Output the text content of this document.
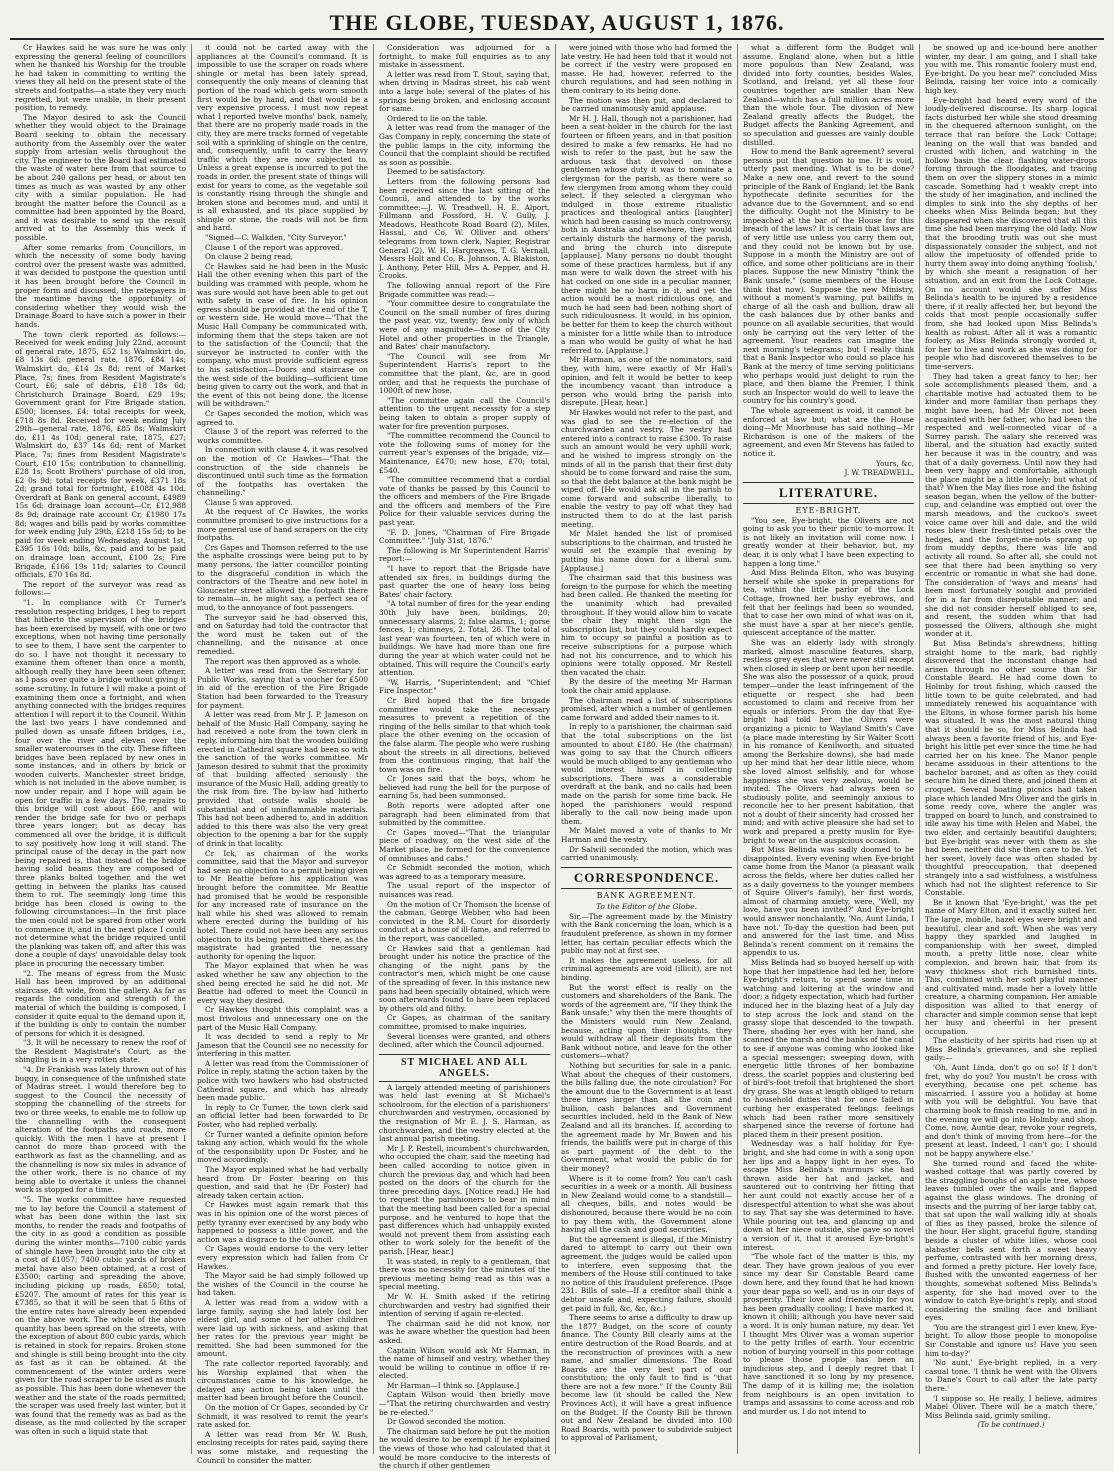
THE GLOBE, TUESDAY, AUGUST 1, 1876.

Cr Hawkes said he was sure he was only expressing the general feeling of councillors when he thanked his Worship for the trouble he had taken in committing to writing the views they all held on the present state of the streets and footpaths—a state they very much regretted, but were unable, in their present position, to remedy.

The Mayor desired to ask the Council whether they would object to the Drainage Board seeking to obtain the necessary authority from the Assembly over the water supply from artesian wells throughout the city. The engineer to the Board had estimated the waste of water here from that source to be about 240 gallons per head, or about ten times as much as was wasted by any other city with a similar population. He had brought the matter before the Council as a committee had been appointed by the Board, and it was desirable to send up the result arrived at to the Assembly this week if possible.

After some remarks from Councillors, in which the necessity of some body having control over the present waste was admitted, it was decided to postpone the question until it has been brought before the Council in proper form and discussed, the ratepayers in the meantime having the opportunity of considering whether they would wish the Drainage Board to have such a power in their hands.

The town clerk reported as follows:—Received for week ending July 22nd, account of general rate, 1875, £52 1s; Walmskirt do, £8 13s 6d; general rate, 1876, £84 14s; Walmskirt do, £14 2s 8d; rent of Market Place, 7s; fines from Resident Magistrate's Court, £6; sale of débris, £18 18s 6d; Christchurch Drainage Board, £29 19s; Government grant for Fire Brigade station, £500; licenses, £4; total receipts for week, £718 8s 8d. Received for week ending July 29th—general rate, 1876, £85 8s; Walmskirt do, £11 4s 10d; general rate, 1875, £27; Walmskirt do, £37 14s 6d; rent of Market Place, 7s; fines from Resident Magistrate's Court, £10 15s; contribution to channelling, £28 1s; Scott Brothers' purchase of old iron, £2 0s 9d; total receipts for week, £371 18s 2d; grand total for fortnight, £1088 4s 10d. Overdraft at Bank on general account, £4989 15s 6d; drainage loan account—Cr, £12,988 8s 9d; drainage rate account Cr, £1980 17s 8d; wages and bills paid by works committee for week ending July 29th, £218 15s 5d; to be paid for week ending Wednesday, August 1st, £395 16s 10d; bills, &c, paid and to be paid on drainage loan account, £100 2s; Fire Brigade, £166 19s 11d; salaries to Council officials, £70 16s 8d.

The report of the surveyor was read as follows:—

"1. In compliance with Cr Turner's resolution respecting bridges, I beg to report that hitherto the supervision of the bridges has been exercised by myself, with one or two exceptions, when not having time personally to see to them, I have sent the carpenter to do so. I have not thought it necessary to examine them oftener than once a month, although really they have been seen oftener, as I pass over quite a bridge without giving it some scrutiny. In future I will make a point of examining them once a fortnight, and when anything connected with the bridges requires attention I will report it to the Council. Within the last two years I have condemned and pulled down as unsafe fifteen bridges, i.e., four over the river and eleven over the smaller watercourses in the city. These fifteen bridges have been replaced by new ones in some instances, and in others by brick or wooden culverts. Manchester street bridge, which is not included in the above number, is now under repair, and I hope will again be open for traffic in a few days. The repairs to this bridge will cost about £60, and will render the bridge safe for two or perhaps three years longer; but as decay has commenced all over the bridge, it is difficult to say positively how long it will stand. The principal cause of the decay in the part now being repaired is, that instead of the bridge having solid beams they are composed of three planks bolted together, and the wet getting in between the planks has caused them to rot. The seemingly long time this bridge has been closed is owing to the following circumstances:—In the first place the men could not be spared from other work to commence it, and in the next place I could not determine what the bridge required until the planking was taken off, and after this was done a couple of days' unavoidable delay took place in procuring the necessary timber.

"2. The means of egress from the Music Hall has been improved by an additional staircase, 4ft wide, from the gallery. As far as regards the condition and strength of the material of which the building is composed, I consider it quite equal to the demand upon it, if the building is only to contain the number of persons for which it is designed.

"3. It will be necessary to renew the roof of the Resident Magistrate's Court, as the shingling is in a very rotten state.

"4. Dr Frankish was lately thrown out of his buggy, in consequence of the unfinished state of Madras street. I would therefore beg to suggest to the Council the necessity of stopping the channelling of the streets for two or three weeks, to enable me to follow up the channelling with the consequent alteration of the footpaths and roads, more quickly. With the men I have at present I cannot do more than proceed with the earthwork as fast as the channelling, and as the channelling is now six miles in advance of the other work, there is no chance of my being able to overtake it unless the channel work is stopped for a time.

"5. The works committee have requested me to lay before the Council a statement of what has been done within the last six months, to render the roads and footpaths of the city in as good a condition as possible during the winter months—7100 cubic yards of shingle have been brought into the city at a cost of £1057; 7400 cubic yards of broken metal have also been obtained, at a cost of £3500; carting and spreading the above, including picking up roads, £650; total, £5207. The amount of rates for this year is £7385, so that it will be seen that 5 6ths of the entire rates have already been expended on the above work. The whole of the above quantity has been spread on the streets, with the exception of about 800 cubic yards, which is retained in stock for repairs. Broken stone and shingle is still being brought into the city as fast as it can be obtained. At the commencement of the winter orders were given for the road scraper to be used as much as possible. This has been done whenever the weather and the state of the roads permitted; the scraper was used freely last winter, but it was found that the remedy was as bad as the disease, as the mud collected by the scraper was often in such a liquid state that

it could not be carted away with the appliances at the Council's command. It is impossible to use the scraper on roads where shingle or metal has been lately spread, consequently the only means of cleaning that portion of the road which gets worn smooth first would be by hand, and that would be a very expensive process. I must now repeat what I reported twelve months' back, namely, that there are no properly made roads in the city, they are mere tracks formed of vegetable soil with a sprinkling of shingle on the centre, and, consequently, unfit to carry the heavy traffic which they are now subjected to. Unless a great expense is incurred to put the roads in order, the present state of things will exist for years to come, as the vegetable soil is constantly rising through the shingle and broken stone and becomes mud, and until it is all exhausted, and its place supplied by shingle or stone, the roads will not be firm and hard.

"Signed—C. Walkden, "City Surveyor."

Clause 1 of the report was approved.

On clause 2 being read,

Cr Hawkes said he had been in the Music Hall the other evening when this part of the building was crammed with people, whom he was sure would not have been able to get out with safety in case of fire. In his opinion egress should be provided at the end of the T, or western side. He would move—"That the Music Hall Company be communicated with, informing them that the steps taken are not to the satisfaction of the Council; that the surveyor be instructed to confer with the company, who must provide sufficient egress to his satisfaction—Doors and staircase on the west side of the building—sufficient time being given to carry out the work, and that in the event of this not being done, the license will be withdrawn."

Cr Gapes seconded the motion, which was agreed to.

Clause 3 of the report was referred to the works committee.

In connection with clause 4, it was resolved on the motion of Cr Hawkes—"That the construction of the side channels be discontinued until such time as the formation of the footpaths has overtaken the channelling."

Clause 5 was approved.

At the request of Cr Hawkes, the works committee promised to give instructions for a more general use of hand scrapers on the city footpaths.

Crs Gapes and Thomson referred to the use the asphalte crossings were being put to by many persons, the latter councillor pointing to the disgraceful condition in which the contractors of the Theatre and new hotel in Gloucester street allowed the footpath there to remain—in, he might say, a perfect sea of mud, to the annoyance of foot passengers.

The surveyor said he had observed this, and on Saturday had told the contractor that the word must be taken out of the channelling, and the nuisance at once remedied.

The report was then approved as a whole.

A letter was read from the Secretary for Public Works, saying that a voucher for £500 in aid of the erection of the Fire Brigade Station had been forwarded to the Treasury for payment.

A letter was read from Mr J. P. Jameson on behalf of the Music Hall Company, saying he had received a note from the town clerk in reply, informing him that the wooden building erected in Cathedral square had been so with the sanction of the works committee. Mr Jameson desired to submit that the proximity of that building affected seriously the insurance of the Music Hall, adding greatly to the risk from fire. The by-law had hitherto provided that outside walls should be substantial and of uninflammable materials. This had not been adhered to, and in addition added to this there was also the very great objection to the opening a bar for the supply of drink in that locality.

Cr Ick, as chairman of the works committee, said that the Mayor and surveyor had seen no objection to a permit being given to Mr Beattie before his application was brought before the committee. Mr Beattie had promised that he would be responsible for any increased rate of insurance on the hall while his shed was allowed to remain where erected during the building of his hotel. There could not have been any serious objection to its being permitted there, as the magistrate had granted the necessary authority for opening the liquor.

The Mayor explained that when he was asked whether he saw any objection to the shed being erected he said he did not. Mr Beattie had offered to meet the Council in every way they desired.

Cr Hawkes thought this complaint was a most frivolous and unnecessary one on the part of the Music Hall Company.

It was decided to send a reply to Mr Jameson that the Council see no necessity for interfering in this matter.

A letter was read from the Commissioner of Police in reply, stating the action taken by the police with two hawkers who had obstructed Cathedral square, and which has already been made public.

In reply to Cr Turner, the town clerk said an official letter had been forwarded to Dr Foster, who had replied verbally.

Cr Turner wanted a definite opinion before taking any action, which would fix the whole of the responsibility upon Dr Foster, and he moved accordingly.

The Mayor explained what he had verbally heard from Dr Foster bearing on this question, and said that he (Dr Foster) had already taken certain action.

Cr Hawkes must again remark that this was in his opinion one of the worst pieces of petty tyranny ever exercised by any body who happened to possess a little power, and the action was a disgrace to the Council.

Cr Gapes would endorse to the very letter every expression which had fallen from Cr Hawkes.

The Mayor said he had simply followed up the wishes of the Council in the course he had taken.

A letter was read from a widow with a large family, saying she had lately lost her eldest girl, and some of her other children were laid up with sickness, and asking that her rates for the previous year might be remitted. She had been summoned for the amount.

The rate collector reported favorably, and his Worship explained that when the circumstances came to his knowledge, he delayed any action being taken until the matter had been brought before the Council.

On the motion of Cr Gapes, seconded by Cr Schmidt, it was resolved to remit the year's rate asked for.

A letter was read from Mr W. Bush, enclosing receipts for rates paid, saying there was some mistake, and requesting the Council to consider the matter.

Consideration was adjourned for a fortnight, to make full enquiries as to any mistake in assessment.

A letter was read from T. Stout, saying that, when driving in Madras street, his cab went into a large hole; several of the plates of his springs being broken, and enclosing account for same.

Ordered to lie on the table.

A letter was read from the manager of the Gas Company in reply, concerning the state of the public lamps in the city, informing the Council that the complaint should be rectified as soon as possible.

Deemed to be satisfactory.

Letters from the following persons had been received since the last sitting of the Council, and attended to by the works committee:—J. W. Treadwell, H. E. Alport, Fillmann and Fossford, H. V. Gully, J. Meadows, Heathcote Road Board (2), Miles, Hassal, and Co, W. Olliver and others' telegrams from town clerk, Napier, Registrar General (2), W. H. Hargreaves, T. G. Vernall, Messrs Holt and Co, R. Johnson, A. Blakiston, J. Anthony, Peter Hill, Mrs A. Pepper, and H. Crooks.

The following annual report of the Fire Brigade committee was read:—

"Your committee desire to congratulate the Council on the small number of fires during the past year, viz, twenty; few only of which were of any magnitude—those of the City Hotel and other properties in the Triangle, and Bates' chair manufactory.

"The Council will see from Mr Superintendent Harris's report to the committee that the plant, &c, are in good order, and that he requests the purchase of 1000ft of new hose.

"The committee again call the Council's attention to the urgent necessity for a step being taken to obtain a proper supply of water for fire prevention purposes.

"The committee recommend the Council to vote the following sums of money for the current year's expenses of the brigade, viz—Maintenance, £470; new hose, £70; total, £540.

"The committee recommend that a cordial vote of thanks be passed by this Council to the officers and members of the Fire Brigade and the officers and members of the Fire Police for their valuable services during the past year.

"F. D. Jones, "Chairman of Fire Brigade Committee." "July 31st, 1876."

The following is Mr Superintendent Harris' report:—

"I have to report that the Brigade have attended six fires, in buildings during the past quarter the one of heavy loss being Bates' chair factory.

"A total number of fires for the year ending 30th July have been, buildings, 20; unnecessary alarms, 2; false alarms, 1; gorse fences, 1; chimneys, 2. Total, 26. The total of last year was fourteen, ten of which were in buildings. We have had more than one fire during the year at which water could not be obtained. This will require the Council's early attention.

"W. Harris, "Superintendent; and "Chief Fire Inspector."

Cr Bird hoped that the fire brigade committee would take the necessary measures to prevent a repetition of the ringing of the bells similar to that which took place the other evening on the occasion of the false alarm. The people who were rushing about the streets in all directions, believed from the continuous ringing, that half the town was on fire.

Cr Jones said that the boys, whom he believed had rung the bell for the purpose of earning 5s, had been summonsed.

Both reports were adopted after one paragraph had been eliminated from that submitted by the committee.

Cr Gapes moved—"That the triangular piece of roadway, on the west side of the Market place, be formed for the convenience of omnibuses and cabs."

Cr Schmidt seconded the motion, which was agreed to as a temporary measure.

The usual report of the inspector of nuisances was read.

On the motion of Cr Thomson the license of the cabman, George Webber, who had been convicted in the R.M. Court for disorderly conduct at a house of ill-fame, and referred to in the report, was cancelled.

Cr Hawkes said that a gentleman had brought under his notice the practice of the changing of the night pans by the contractor's men, which might be one cause of the spreading of fever. In this instance new pans had been specially obtained, which were soon afterwards found to have been replaced by others old and filthy.

Cr Gapes, as chairman of the sanitary committee, promised to make inquiries.

Several licenses were granted, and others declined, after which the Council adjourned.

ST MICHAEL AND ALL ANGELS.

A largely attended meeting of parishioners was held last evening at St Michael's schoolroom, for the election of a parishioners' churchwarden and vestrymen, occasioned by the resignation of Mr E. J. S. Harman, as churchwarden, and the vestry elected at the last annual parish meeting.

Mr J. P. Restell, incumbent's churchwarden, who occupied the chair, said the meeting had been called according to notice given in church the previous day, and which had been posted on the doors of the church for the three preceding days. [Notice read.] He had to request the parishioners to bear in mind that the meeting had been called for a special purpose, and he ventured to hope that the past differences which had unhappily existed would not prevent them from assisting each other to work solely for the benefit of the parish. [Hear, hear.]

It was stated, in reply to a gentleman, that there was no necessity for the minutes of the previous meeting being read as this was a special meeting.

Mr W. H. Smith asked if the retiring churchwarden and vestry had signified their intention of serving if again re-elected.

The chairman said he did not know, nor was he aware whether the question had been asked.

Captain Wilson would ask Mr Harman, in the name of himself and vestry, whether they would be willing to continue in office if re-elected.

Mr Harman—I think so. [Applause.]

Captain Wilson would then briefly move—"That the retiring churchwarden and vestry be re-elected."

Dr Gowod seconded the motion.

The chairman said before he put the motion he would desire to be exempt if he explained the views of those who had calculated that it would be more conducive to the interests of the church if other gentlemen

were joined with those who had formed the late vestry. He had been told that it would not be correct if the vestry were proposed en masse. He had, however, referred to the church regulations, and had seen nothing in them contrary to its being done.

The motion was then put, and declared to be carried unanimously amid applause.

Mr H. J. Hall, though not a parishioner, had been a seat-holder in the church for the last fourteen or fifteen years, and in that position desired to make a few remarks. He had no wish to refer to the past, but he saw the arduous task that devolved on those gentlemen whose duty it was to nominate a clergyman for the parish, as there were so few clergymen from among whom they could select. If they selected a clergyman who indulged in those extreme ritualistic practices and theological antics [laughter] which had been causing so much controversy, both in Australia and elsewhere, they would certainly disturb the harmony of the parish, and bring the church into disrepute [applause]. Many persons no doubt thought some of these practices harmless, but if any man were to walk down the street with his hat cocked on one side in a peculiar manner, there might be no harm in it, and yet the action would be a most ridiculous one, and much he had seen had been nothing short of such ridiculousness. It would, in his opinion, be better for them to keep the church without a minister for a little while than to introduce a man who would be guilty of what he had referred to. [Applause.]

Mr Harman, as one of the nominators, said they, with him, were exactly of Mr Hall's opinion, and felt it would be better to keep the incumbency vacant than introduce a person who would bring the parish into disrepute. [Hear, hear.]

Mr Hawkes would not refer to the past, and was glad to see the re-election of the churchwarden and vestry. The vestry had entered into a contract to raise £300. To raise such an amount would be very uphill work, and he wished to impress strongly on the minds of all in the parish that their first duty should be to come forward and raise the sum, so that the debt balance at the bank might be wiped off. [He would ask all in the parish to come forward and subscribe liberally, to enable the vestry to pay off what they had instructed them to do at the last parish meeting.

Mr Malet handed the list of promised subscriptions to the chairman, and trusted he would set the example that evening by putting his name down for a liberal sum. [Applause.]

The chairman said that this business was foreign to the purpose for which the meeting had been called. He thanked the meeting for the unanimity which had prevailed throughout. If they would allow him to vacate the chair they might then sign the subscription list, but they could hardly expect him to occupy so painful a position as to receive subscriptions for a purpose which had not his concurrence, and to which his opinions were totally opposed. Mr Restell then vacated the chair.

By the desire of the meeting Mr Harman took the chair amid applause.

The chairman read a list of subscriptions promised, after which a number of gentlemen came forward and added their names to it.

In reply to a parishioner, the chairman said that the total subscriptions on the list amounted to about £180. He (the chairman) was going to say that the Church officers would be much obliged to any gentleman who would interest himself in collecting subscriptions. There was a considerable overdraft at the bank, and no calls had been made on the parish for some time back. He hoped the parishioners would respond liberally to the call now being made upon them.

Mr Malet moved a vote of thanks to Mr Harman and the vestry.

Dr Salwill seconded the motion, which was carried unanimously.

CORRESPONDENCE.
BANK AGREEMENT.
To the Editor of the Globe.

Sir,—The agreement made by the Ministry with the Bank concerning the loan, which is a fraudulent preference, as shown in my former letter, has certain peculiar effects which the public may not at first see.

It makes the agreement useless, for all criminal agreements are void (illicit), are not binding.

But the worst effect is really on the customers and shareholders of the Bank. The words of the agreement are, "If they think the Bank unsafe;" why then the mere thoughts of the Ministers would ruin New Zealand, because, acting upon their thoughts, they would withdraw all their deposits from the Bank without notice, and leave for the other customers—what?

Nothing but securities for sale in a panic. What about the cheques of their customers, the bills falling due, the note circulation? For the amount due to the Government is at least three times larger than all the coin and bullion, cash balances and Government securities included, held in the Bank of New Zealand and all its branches. If, according to the agreement made by Mr Bowen and his friends, the bailiffs were put in charge of this as part payment of the debt to the Government, what would the public do for their money?

Where is it to come from? You can't cash securities in a week or a month. All business in New Zealand would come to a standstill—all cheques, bills, and notes would be dishonoured, because there would be no coin to pay them with, the Government alone having all the cash and good securities.

But the agreement is illegal, if the Ministry dared to attempt to carry out their own agreement, the judges would be called upon to interfere, even supposing that the members of the House still continued to take no notice of this fraudulent preference. (Page 231. Bills of sale—If a creditor shall think a debtor unsafe and, expecting failure, should get paid in full, &c, &c, &c.)

There seems to arise a difficulty to draw up the 1877 Budget, on the score of county finance. The County Bill clearly aims at the entire destruction of the Road Boards, and at the reconstruction of provinces with a new name, and smaller dimensions. The Road Boards are the very best part of our constitution; the only fault to find is "that there are not a few more." If the County Bill become law (it should be called the New Provinces Act), it will have a great influence on the Budget. If the County Bill be thrown out and New Zealand be divided into 100 Road Boards, with power to subdivide subject to approval of Parliament,

what a different form the Budget will assume. England alone, when but a little more populous than New Zealand, was divided into forty counties, besides Wales, Scotland, and Ireland, yet all these four countries together are smaller than New Zealand—which has a full million acres more than the whole four. The division of New Zealand greatly affects the Budget, the Budget affects the Banking Agreement, and so speculation and guesses are vainly double distilled.

How to mend the Bank agreement? several persons put that question to me. It is void, utterly past mending. What is to be done? Make a new one, and revert to the sound principle of the Bank of England; let the Bank hypothecate definite securities for the advance due to the Government, and so end the difficulty. Ought not the Ministry to be impeached at the bar of the House for this breach of the laws? It is certain that laws are of very little use unless you carry them out, and they could not be known but by use. Suppose in a month the Ministry are out of office, and some other politicians are in their places. Suppose the new Ministry "think the Bank unsafe," (some members of the House think that now). Suppose the new Ministry, without a moment's warning, put bailiffs in charge of all the cash and bullion, draw all the cash balances due by other banks and pounce on all available securities, that would only be carrying out the very letter of the agreement. Your readers can imagine the next morning's telegrams; but I really think that a Bank Inspector who could so place his Bank at the mercy of time serving politicians who perhaps would just delight to ruin the place, and then blame the Premier, I think such an Inspector would do well to leave the country for his country's good.

The whole agreement is void, it cannot be enforced at law but; what are the House doing—Mr Moorhouse has said nothing—Mr Richardson is one of the makers of the agreement, and even Mr Stevens has failed to notice it.

Yours, &c,

J. W. TREADWELL.

LITERATURE.
EYE-BRIGHT.

"You see, Eye-bright, the Olivers are not going to ask you to their picnic to-morrow. It is not likely an invitation will come now. I greatly wonder at their behavior, but, my dear, it is only what I have been expecting to happen a long time."

And Miss Belinda Elton, who was busying herself while she spoke in preparations for tea, within the little parlor of the Lock Cottage, frowned her bushy eyebrows, and felt that her feelings had been so wounded, that to case her own mind of what was on it, she must have a spar at her niece's gentle, quiescent acceptance of the matter.

She was an elderly lady with strongly marked, almost masculine features, sharp, restless grey eyes that were never still except when closed in sleep or bent upon her needle. She was also the possessor of a quick, proud temper—under the least infringement of the etiquette or respect she had been accustomed to claim and receive from her equals or inferiors. From the day that Eye-bright had told her the Olivers were organizing a picnic to Wayland Smith's Cave (a place made interesting by Sir Walter Scott in his romance of Kenilworth, and situated among the Berkshire downs), she had made up her mind that her dear little niece, whom she loved almost selfishly, and for whose happiness she was very zealous, would be invited. The Olivers had always been so studiously polite, and seemingly anxious to reconcile her to her present habitation, that not a doubt of their sincerity had crossed her mind; and with active pleasure she had set to work and prepared a pretty muslin for Eye-bright to wear on the auspicious occasion.

But Miss Belinda was sadly doomed to be disappointed. Every evening when Eye-bright came home from the Manor (a pleasant walk across the fields, where her duties called her as a daily governess to the younger members of Squire Oliver's family), her first words, almost of charming anxiety, were, 'Well, my love, have you been invited?' And Eye-bright would answer nonchalantly, 'No, Aunt Linda, I have not.' To-day the question had been put and answered for the last time, and Miss Belinda's recent comment on it remains the appendix to us.

Miss Belinda had so buoyed herself up with hope that her impatience had led her, before Eye-bright's return, to spend some time in watching and loitering at the window and door; a fidgety expectation, which had further induced her in the blazing heat of a July day to step across the lock and stand on the grassy slope that descended to the towpath. There, shading her eyes with her hand, she scanned the marsh and the banks of the canal to see if anyone was coming who looked like a special messenger; sweeping down, with energetic little thrones of her bombazine dress, the scarlet poppies and clustering bed of bird's-foot trefoil that brightened the short dry grass. She was at length obliged to return to household duties that for once failed in curbing her exasperated feelings: feelings which had been rather more sensitively sharpened since the reverse of fortune had placed them in their present position.

Wednesday was a half holiday for Eye-bright, and she had come in with a song upon her lips and a happy light in her eyes. To escape Miss Belinda's murmurs she had thrown aside her hat and jacket, and sauntered out to contriving her fitting that her aunt could not exactly accuse her of a disrespectful attention to what she was about to say. That say she was determined to have. While pouring out tea, and glancing up and down at her niece outside, she gave so novel a version of it, that it aroused Eye-bright's interest.

"The whole fact of the matter is this, my dear. They have grown jealous of you ever since my dear Sir Constable Beard came down here, and they found that he had known your dear papa so well, and us in our days of prosperity. Their love and friendship for you has been gradually cooling; I have marked it, known it chilli; although you have never said a word. It is only human nature, my dear. Yet I thought Mrs Oliver was a woman superior to the petty trifles of earth. Your eccentric notion of burying yourself in this poor cottage to please those people has been an injudicious step, and I deeply regret that I have sanctioned it so long by my presence. The damp of it is killing me; the isolation from neighbours is an open invitation to tramps and assassins to come across and rob and murder us. I do not intend to

be snowed up and ice-bound here another winter, my dear. I am going, and I shall take you with me. This romantic foolery must end, Eye-bright. Do you hear me?' concluded Miss Belinda, raising her voice into a comically high key.

Eye-bright had heard every word of the loudly-delivered discourse. Its sharp logical facts disturbed her while she stood dreaming in the chequered afternoon sunlight, on the terrace that ran before the Lock Cottage; leaning on the wall that was banded and crusted with lichen, and watching in the hollow basin the clear, flashing water-drops forcing through the floodgates, and tracing them on over the slippery stones in a mimic cascade. Something had t weakly crept into the study of her imagination, and inclined the dimples to sink into the shy depths of her cheeks when Miss Belinda began; but they disappeared when she discovered that all this time she had been marrying the old lady. Now that the brooding truth was out she must dispassionately consider the subject, and not allow the impetuosity of offended pride to hurry them away into doing anything 'foolish,' by which she meant a resignation of her situation, and an exit from the Lock Cottage. On no account would she suffer Miss Belinda's health to be injured by a residence there, if it really affected her, but beyond the colds that most people occasionally suffer from, she had looked upon Miss Belinda's health as robust. After all it was a romantic foolery, as Miss Belinda strongly worded it, for her to live and work as she was doing for people who had discovered themselves to be time-servers.

They had taken a great fancy to her; her sole accomplishments pleased them, and a charitable motive had actuated them to be kinder and more familiar than perhaps they might have been, had Mr Oliver not been acquainted with her father, who had been the respected and well-connected vicar of a Surrey parish. The salary she received was liberal, and the situation had exactly suited her because it was in the country, and was that of a daily governess. Until now they had been very happy and comfortable, although the place might be a little lonely; but what of that? When the May flies rose and the fishing season began, when the yellow of the butter-cup, and celandine was emptied out over the marsh meadows, and the cuckoo's sweet voice came over hill and dale, and the wild roses blew their fresh-tinted petals over the hedges, and the forget-me-nots sprang up from muddy depths, there was life and activity all round. So after all, she could not see that there had been anything so very eccentric or romantic in what she had done. The consideration of 'ways and means' had been most fortunately sought and provided for in a far from disreputable manner; and she did not consider herself obliged to see, and resent, the sudden whim that had possessed the Olivers, although she might wonder at it.

But Miss Belinda's shrewdness, hitting straight home to the mark, had rightly discovered that the inconstant change had arisen through no other source than Sir Constable Beard. He had come down to Holmby for trout fishing, which caused the little town to be quite celebrated, and had immediately renewed his acquaintance with the Eltons, in whose former parish his home was situated. It was the most natural thing that it should be so, for Miss Belinda had always been a favorite friend of his, and Eye-bright his little pet ever since the time he had carried her on his knee. The Manor people became assiduous in their attentions to the bachelor baronet, and as often as they could secure him he dined there, and joined them at croquet. Several boating picnics had taken place which landed Mrs Oliver and the girls in some reedy cove, where the angler was trapped on board to lunch, and constrained to idle away his time with Helen and Mabel, the two elder, and certainly beautiful daughters; but Eye-bright was never with them as she had been, neither did she then care to be. Yet her sweet, lovely face was often shaded by thoughtful preoccupation, that deepened strangely into a sad wistfulness, a wistfulness which had not the slightest reference to Sir Constable.

Be it known that 'Eye-bright,' was the pet name of Mary Elton, and it exactly suited her. The large, mobile, hazel eyes were bright and beautiful, clear and soft. When she was very happy they sparkled and laughed in companionship with her sweet, dimpled mouth, a pretty little nose, clear white complexion, and brown hair, that from its wavy thickness shot rich burnished tints. This, combined with her soft playful manner and cultivated mind, made her a lovely little creature, a charming companion. Her amiable disposition was allied to that energy of character and simple common sense that kept her busy and cheerful in her present occupation.

The elasticity of her spirits had risen up at Miss Belinda's grievances, and she replied gaily:—

'Oh, Aunt Linda, don't go on so! If I don't fret, why do you? You mustn't be cross with everything, because one pet scheme has miscarried. I assure you a holiday at home with you will be delightful. You have that charming book to finish reading to me, and in the evening we will go into Holmby and shop. Come, now, Auntie dear, revoke your regrets, and don't think of moving from here—for the present at least. Indeed, I can't go; I should not be happy anywhere else.'

She turned round and faced the white-washed cottage that was partly covered by the straggling boughs of an apple tree, whose leaves tumbled over the walls and flapped against the glass windows. The droning of insects and the purring of her large tabby cat, that sat upon the wall walking idly at shoals of flies as they passed, broke the silence of the hour. Her slight, graceful figure, standing beside a cluster of white lilies, whose cool alabaster bells sent forth a sweet heavy perfume, contrasted with her morning dress, and formed a pretty picture. Her lovely face, flushed with the unwonted eagerness of her thoughts, somewhat softened Miss Belinda's asperity, for she had moved over to the window to catch Eye-bright's reply, and stood considering the smiling face and brilliant eyes.

'You are the strangest girl I ever knew, Eye-bright. To allow those people to monopolise Sir Constable and ignore us! Have you seen him to-day?'

'No aunt,' Eye-bright replied, in a very casual tone. 'I think he went with the Olivers to Dane's Court to call after the late party there.'

'I suppose so. He really, I believe, admires Mabel Oliver. There will be a match there,' Miss Belinda said, grimly smiling.

(To be continued.)
